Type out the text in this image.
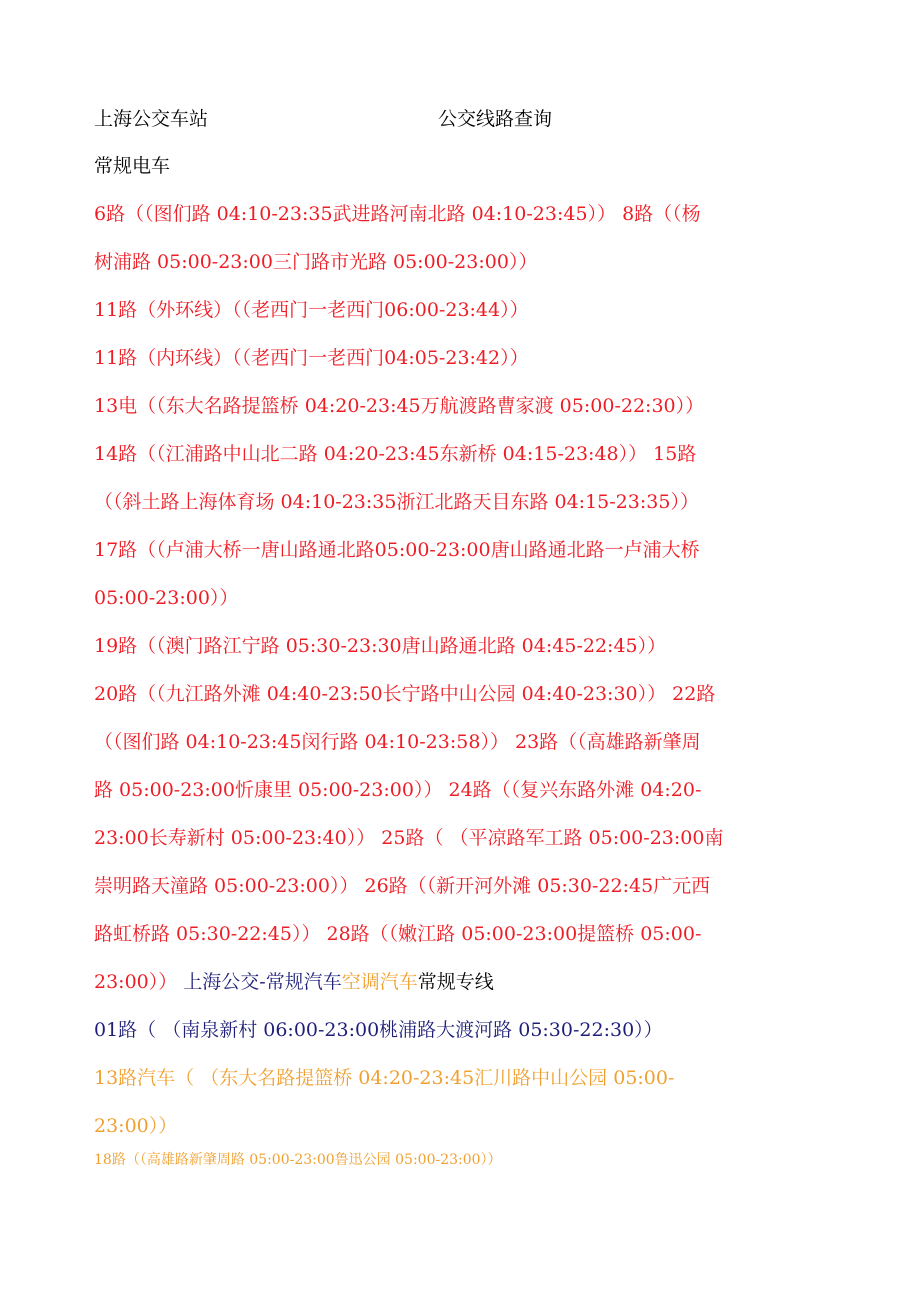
上海公交车站	公交线路查询
常规电车
6路（（图们路 04:10-23:35武进路河南北路 04:10-23:45）） 8路（（杨
树浦路 05:00-23:00三门路市光路 05:00-23:00））
11路（外环线）（（老西门一老西门06:00-23:44））
11路（内环线）（（老西门一老西门04:05-23:42））
13电（（东大名路提篮桥 04:20-23:45万航渡路曹家渡 05:00-22:30））
14路（（江浦路中山北二路 04:20-23:45东新桥 04:15-23:48）） 15路
（（斜土路上海体育场 04:10-23:35浙江北路天目东路 04:15-23:35））
17路（（卢浦大桥一唐山路通北路05:00-23:00唐山路通北路一卢浦大桥
05:00-23:00））
19路（（澳门路江宁路 05:30-23:30唐山路通北路 04:45-22:45））
20路（（九江路外滩 04:40-23:50长宁路中山公园 04:40-23:30）） 22路
（（图们路 04:10-23:45闵行路 04:10-23:58）） 23路（（高雄路新肇周
路 05:00-23:00忻康里 05:00-23:00）） 24路（（复兴东路外滩 04:20-
23:00长寿新村 05:00-23:40）） 25路（ （平凉路军工路 05:00-23:00南
崇明路天潼路 05:00-23:00）） 26路（（新开河外滩 05:30-22:45广元西
路虹桥路 05:30-22:45）） 28路（（嫩江路 05:00-23:00提篮桥 05:00-
23:00）） 上海公交-常规汽车空调汽车常规专线
01路（ （南泉新村 06:00-23:00桃浦路大渡河路 05:30-22:30））
13路汽车（ （东大名路提篮桥 04:20-23:45汇川路中山公园 05:00-
23:00））
18路（（高雄路新肇周路 05:00-23:00鲁迅公园 05:00-23:00））
